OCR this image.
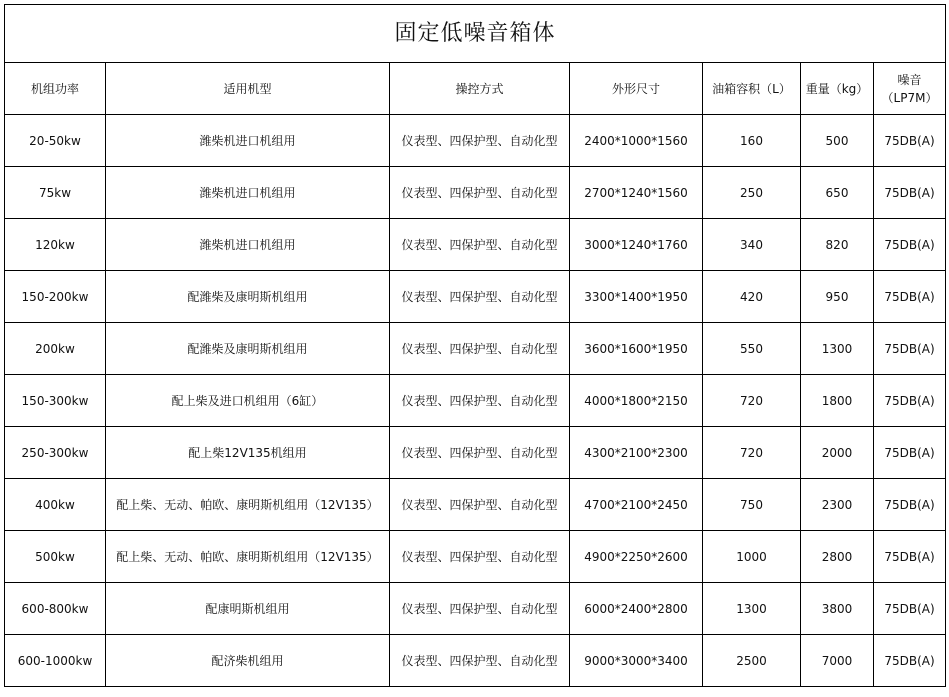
固定低噪音箱体						
机组功率	适用机型	操控方式	外形尺寸	油箱容积（L）	重量（kg）	噪音（LP7M）
20-50kw	潍柴机进口机组用	仪表型、四保护型、自动化型	2400*1000*1560	160	500	75DB(A)
75kw	潍柴机进口机组用	仪表型、四保护型、自动化型	2700*1240*1560	250	650	75DB(A)
120kw	潍柴机进口机组用	仪表型、四保护型、自动化型	3000*1240*1760	340	820	75DB(A)
150-200kw	配潍柴及康明斯机组用	仪表型、四保护型、自动化型	3300*1400*1950	420	950	75DB(A)
200kw	配潍柴及康明斯机组用	仪表型、四保护型、自动化型	3600*1600*1950	550	1300	75DB(A)
150-300kw	配上柴及进口机组用（6缸）	仪表型、四保护型、自动化型	4000*1800*2150	720	1800	75DB(A)
250-300kw	配上柴12V135机组用	仪表型、四保护型、自动化型	4300*2100*2300	720	2000	75DB(A)
400kw	配上柴、无动、帕欧、康明斯机组用（12V135）	仪表型、四保护型、自动化型	4700*2100*2450	750	2300	75DB(A)
500kw	配上柴、无动、帕欧、康明斯机组用（12V135）	仪表型、四保护型、自动化型	4900*2250*2600	1000	2800	75DB(A)
600-800kw	配康明斯机组用	仪表型、四保护型、自动化型	6000*2400*2800	1300	3800	75DB(A)
600-1000kw	配济柴机组用	仪表型、四保护型、自动化型	9000*3000*3400	2500	7000	75DB(A)
